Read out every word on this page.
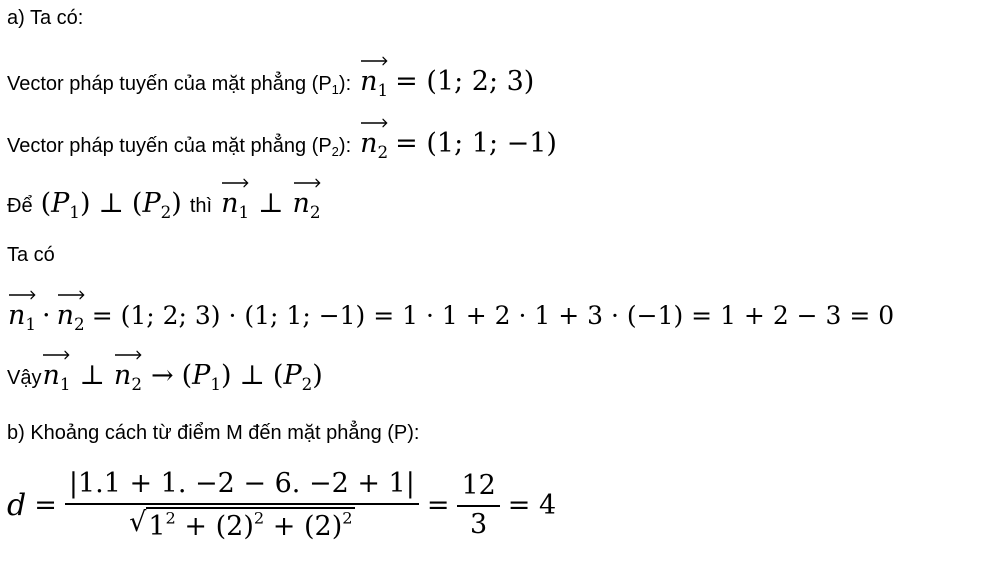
a) Ta có:
Vector pháp tuyến của mặt phẳng (P1): $n_1 = (1$; 2; 3)
Vector pháp tuyến của mặt phẳng (P2): $n_2 = (1$; 1; −1)
Để $(P_1)$ ⊥ $(P_2)$ thì $n_1$ ⊥ $n_2$
Ta có
$n_1 \cdot n_2 = (1$; 2; 3) · (1; 1; −1) = 1 · 1 + 2 · 1 + 3 · (−1) = 1 + 2 − 3 = 0
Vậy $n_1$ ⊥ $n_2 \to (P_1)$ ⊥ $(P_2)$
b) Khoảng cách từ điểm M đến mặt phẳng (P):
$d = \frac{|1.1 + 1. -2 - 6. -2 + 1|}{√ 1^2 + (2)^2 + (2)^2} = \frac{12}{3} = 4$
